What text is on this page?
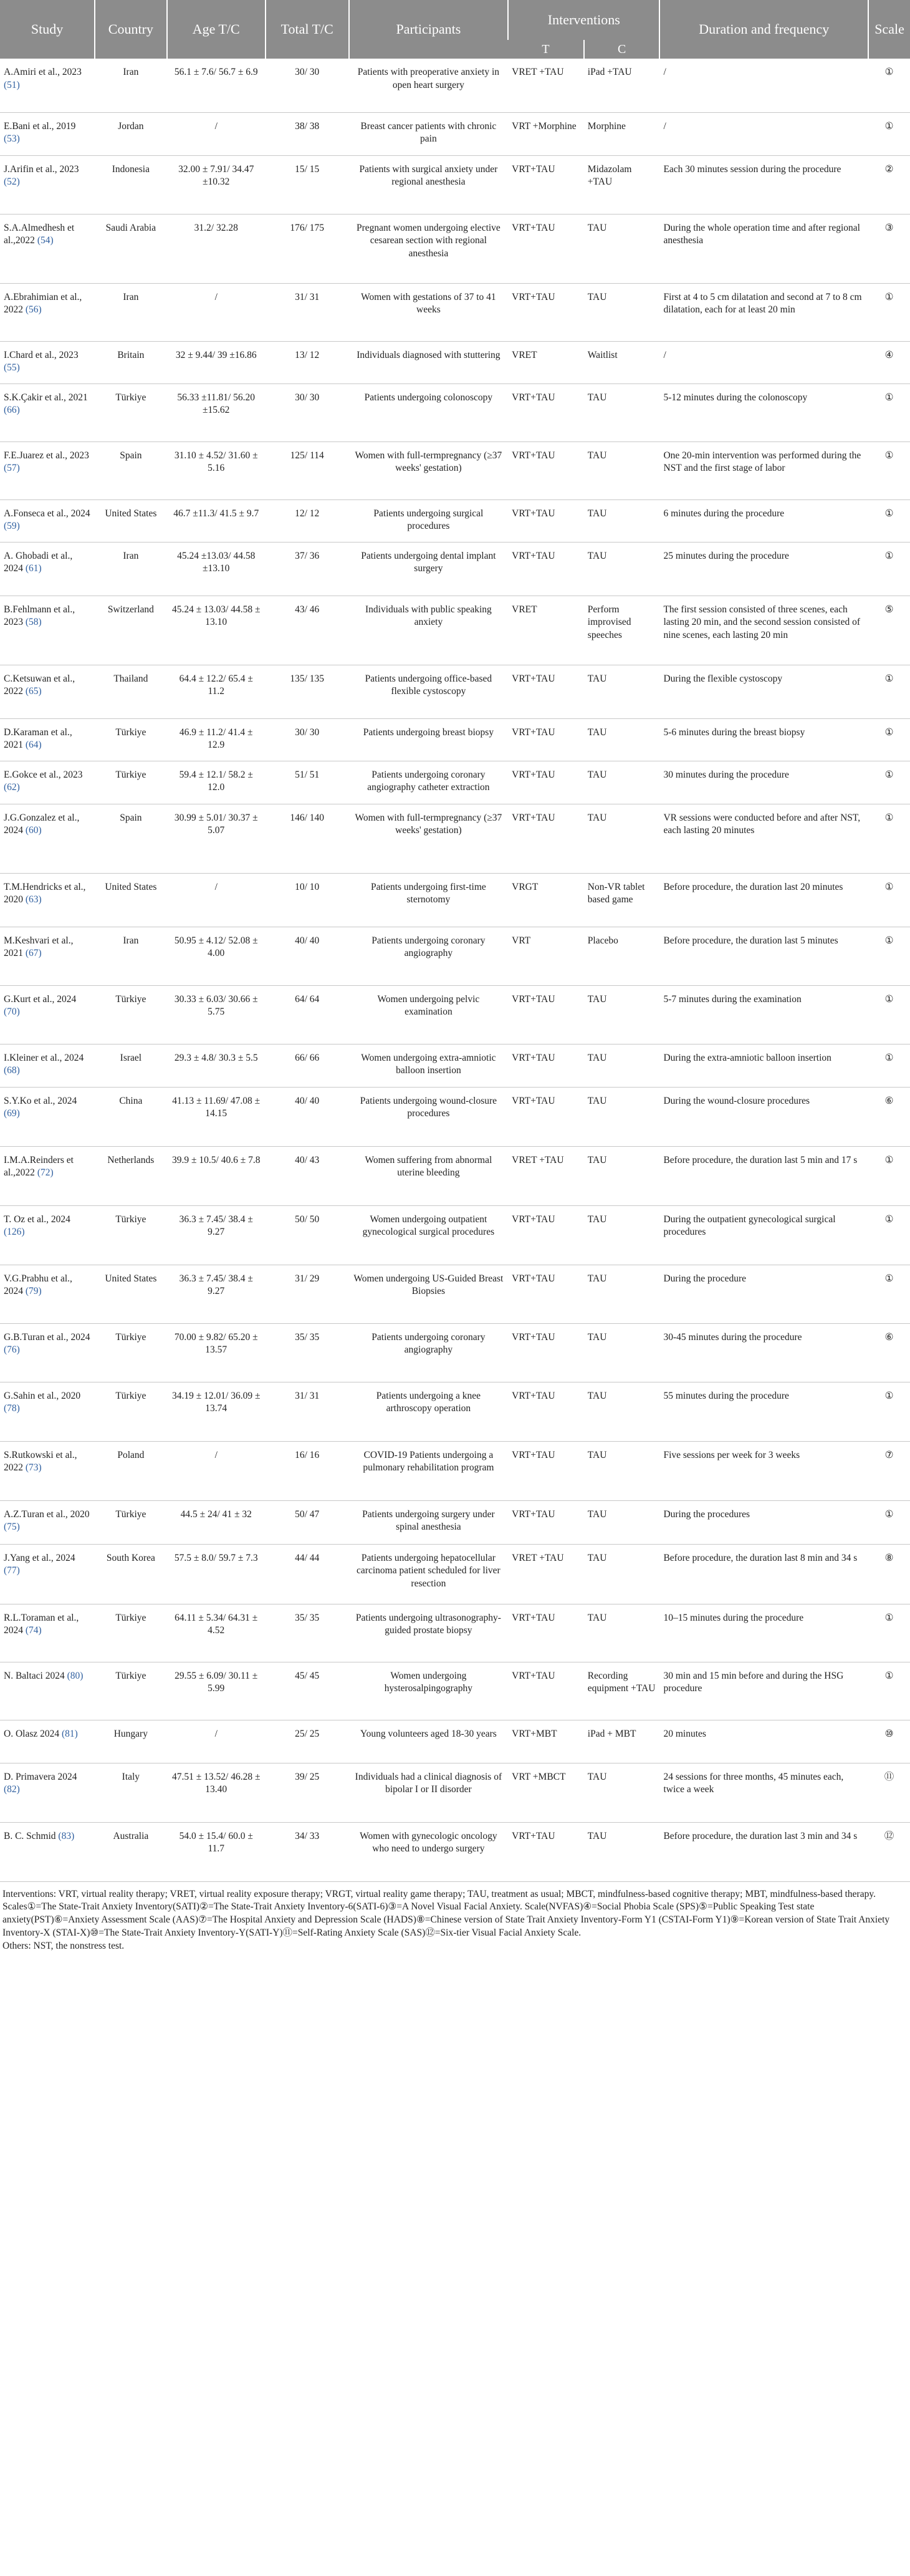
Study	Country	Age T/C	Total T/C	Participants	Interventions		Duration and frequency	Scale
					T	C		
A.Amiri et al., 2023 (51)	Iran	56.1 ± 7.6/ 56.7 ± 6.9	30/ 30	Patients with preoperative anxiety in open heart surgery	VRET +TAU	iPad +TAU	/	①
E.Bani et al., 2019 (53)	Jordan	/	38/ 38	Breast cancer patients with chronic pain	VRT +Morphine	Morphine	/	①
J.Arifin et al., 2023 (52)	Indonesia	32.00 ± 7.91/ 34.47 ±10.32	15/ 15	Patients with surgical anxiety under regional anesthesia	VRT+TAU	Midazolam +TAU	Each 30 minutes session during the procedure	②
S.A.Almedhesh et al.,2022 (54)	Saudi Arabia	31.2/ 32.28	176/ 175	Pregnant women undergoing elective cesarean section with regional anesthesia	VRT+TAU	TAU	During the whole operation time and after regional anesthesia	③
A.Ebrahimian et al., 2022 (56)	Iran	/	31/ 31	Women with gestations of 37 to 41 weeks	VRT+TAU	TAU	First at 4 to 5 cm dilatation and second at 7 to 8 cm dilatation, each for at least 20 min	①
I.Chard et al., 2023 (55)	Britain	32 ± 9.44/ 39 ±16.86	13/ 12	Individuals diagnosed with stuttering	VRET	Waitlist	/	④
S.K.Çakir et al., 2021 (66)	Türkiye	56.33 ±11.81/ 56.20 ±15.62	30/ 30	Patients undergoing colonoscopy	VRT+TAU	TAU	5-12 minutes during the colonoscopy	①
F.E.Juarez et al., 2023 (57)	Spain	31.10 ± 4.52/ 31.60 ± 5.16	125/ 114	Women with full-termpregnancy (≥37 weeks' gestation)	VRT+TAU	TAU	One 20-min intervention was performed during the NST and the first stage of labor	①
A.Fonseca et al., 2024 (59)	United States	46.7 ±11.3/ 41.5 ± 9.7	12/ 12	Patients undergoing surgical procedures	VRT+TAU	TAU	6 minutes during the procedure	①
A. Ghobadi et al., 2024 (61)	Iran	45.24 ±13.03/ 44.58 ±13.10	37/ 36	Patients undergoing dental implant surgery	VRT+TAU	TAU	25 minutes during the procedure	①
B.Fehlmann et al., 2023 (58)	Switzerland	45.24 ± 13.03/ 44.58 ± 13.10	43/ 46	Individuals with public speaking anxiety	VRET	Perform improvised speeches	The first session consisted of three scenes, each lasting 20 min, and the second session consisted of nine scenes, each lasting 20 min	⑤
C.Ketsuwan et al., 2022 (65)	Thailand	64.4 ± 12.2/ 65.4 ± 11.2	135/ 135	Patients undergoing office-based flexible cystoscopy	VRT+TAU	TAU	During the flexible cystoscopy	①
D.Karaman et al., 2021 (64)	Türkiye	46.9 ± 11.2/ 41.4 ± 12.9	30/ 30	Patients undergoing breast biopsy	VRT+TAU	TAU	5-6 minutes during the breast biopsy	①
E.Gokce et al., 2023 (62)	Türkiye	59.4 ± 12.1/ 58.2 ± 12.0	51/ 51	Patients undergoing coronary angiography catheter extraction	VRT+TAU	TAU	30 minutes during the procedure	①
J.G.Gonzalez et al., 2024 (60)	Spain	30.99 ± 5.01/ 30.37 ± 5.07	146/ 140	Women with full-termpregnancy (≥37 weeks' gestation)	VRT+TAU	TAU	VR sessions were conducted before and after NST, each lasting 20 minutes	①
T.M.Hendricks et al., 2020 (63)	United States	/	10/ 10	Patients undergoing first-time sternotomy	VRGT	Non-VR tablet based game	Before procedure, the duration last 20 minutes	①
M.Keshvari et al., 2021 (67)	Iran	50.95 ± 4.12/ 52.08 ± 4.00	40/ 40	Patients undergoing coronary angiography	VRT	Placebo	Before procedure, the duration last 5 minutes	①
G.Kurt et al., 2024 (70)	Türkiye	30.33 ± 6.03/ 30.66 ± 5.75	64/ 64	Women undergoing pelvic examination	VRT+TAU	TAU	5-7 minutes during the examination	①
I.Kleiner et al., 2024 (68)	Israel	29.3 ± 4.8/ 30.3 ± 5.5	66/ 66	Women undergoing extra-amniotic balloon insertion	VRT+TAU	TAU	During the extra-amniotic balloon insertion	①
S.Y.Ko et al., 2024 (69)	China	41.13 ± 11.69/ 47.08 ± 14.15	40/ 40	Patients undergoing wound-closure procedures	VRT+TAU	TAU	During the wound-closure procedures	⑥
I.M.A.Reinders et al.,2022 (72)	Netherlands	39.9 ± 10.5/ 40.6 ± 7.8	40/ 43	Women suffering from abnormal uterine bleeding	VRET +TAU	TAU	Before procedure, the duration last 5 min and 17 s	①
T. Oz et al., 2024 (126)	Türkiye	36.3 ± 7.45/ 38.4 ± 9.27	50/ 50	Women undergoing outpatient gynecological surgical procedures	VRT+TAU	TAU	During the outpatient gynecological surgical procedures	①
V.G.Prabhu et al., 2024 (79)	United States	36.3 ± 7.45/ 38.4 ± 9.27	31/ 29	Women undergoing US-Guided Breast Biopsies	VRT+TAU	TAU	During the procedure	①
G.B.Turan et al., 2024 (76)	Türkiye	70.00 ± 9.82/ 65.20 ± 13.57	35/ 35	Patients undergoing coronary angiography	VRT+TAU	TAU	30-45 minutes during the procedure	⑥
G.Sahin et al., 2020 (78)	Türkiye	34.19 ± 12.01/ 36.09 ± 13.74	31/ 31	Patients undergoing a knee arthroscopy operation	VRT+TAU	TAU	55 minutes during the procedure	①
S.Rutkowski et al., 2022 (73)	Poland	/	16/ 16	COVID-19 Patients undergoing a pulmonary rehabilitation program	VRT+TAU	TAU	Five sessions per week for 3 weeks	⑦
A.Z.Turan et al., 2020 (75)	Türkiye	44.5 ± 24/ 41 ± 32	50/ 47	Patients undergoing surgery under spinal anesthesia	VRT+TAU	TAU	During the procedures	①
J.Yang et al., 2024 (77)	South Korea	57.5 ± 8.0/ 59.7 ± 7.3	44/ 44	Patients undergoing hepatocellular carcinoma patient scheduled for liver resection	VRET +TAU	TAU	Before procedure, the duration last 8 min and 34 s	⑧
R.L.Toraman et al., 2024 (74)	Türkiye	64.11 ± 5.34/ 64.31 ± 4.52	35/ 35	Patients undergoing ultrasonography-guided prostate biopsy	VRT+TAU	TAU	10–15 minutes during the procedure	①
N. Baltaci 2024 (80)	Türkiye	29.55 ± 6.09/ 30.11 ± 5.99	45/ 45	Women undergoing hysterosalpingography	VRT+TAU	Recording equipment +TAU	30 min and 15 min before and during the HSG procedure	①
O. Olasz 2024 (81)	Hungary	/	25/ 25	Young volunteers aged 18-30 years	VRT+MBT	iPad + MBT	20 minutes	⑩
D. Primavera 2024 (82)	Italy	47.51 ± 13.52/ 46.28 ± 13.40	39/ 25	Individuals had a clinical diagnosis of bipolar I or II disorder	VRT +MBCT	TAU	24 sessions for three months, 45 minutes each, twice a week	⑪
B. C. Schmid (83)	Australia	54.0 ± 15.4/ 60.0 ± 11.7	34/ 33	Women with gynecologic oncology who need to undergo surgery	VRT+TAU	TAU	Before procedure, the duration last 3 min and 34 s	⑫

Interventions: VRT, virtual reality therapy; VRET, virtual reality exposure therapy; VRGT, virtual reality game therapy; TAU, treatment as usual; MBCT, mindfulness-based cognitive therapy; MBT, mindfulness-based therapy.

Scales①=The State-Trait Anxiety Inventory(SATI)②=The State-Trait Anxiety Inventory-6(SATI-6)③=A Novel Visual Facial Anxiety. Scale(NVFAS)④=Social Phobia Scale (SPS)⑤=Public Speaking Test state anxiety(PST)⑥=Anxiety Assessment Scale (AAS)⑦=The Hospital Anxiety and Depression Scale (HADS)⑧=Chinese version of State Trait Anxiety Inventory-Form Y1 (CSTAI-Form Y1)⑨=Korean version of State Trait Anxiety Inventory-X (STAI-X)⑩=The State-Trait Anxiety Inventory-Y(SATI-Y)⑪=Self-Rating Anxiety Scale (SAS)⑫=Six-tier Visual Facial Anxiety Scale.

Others: NST, the nonstress test.
